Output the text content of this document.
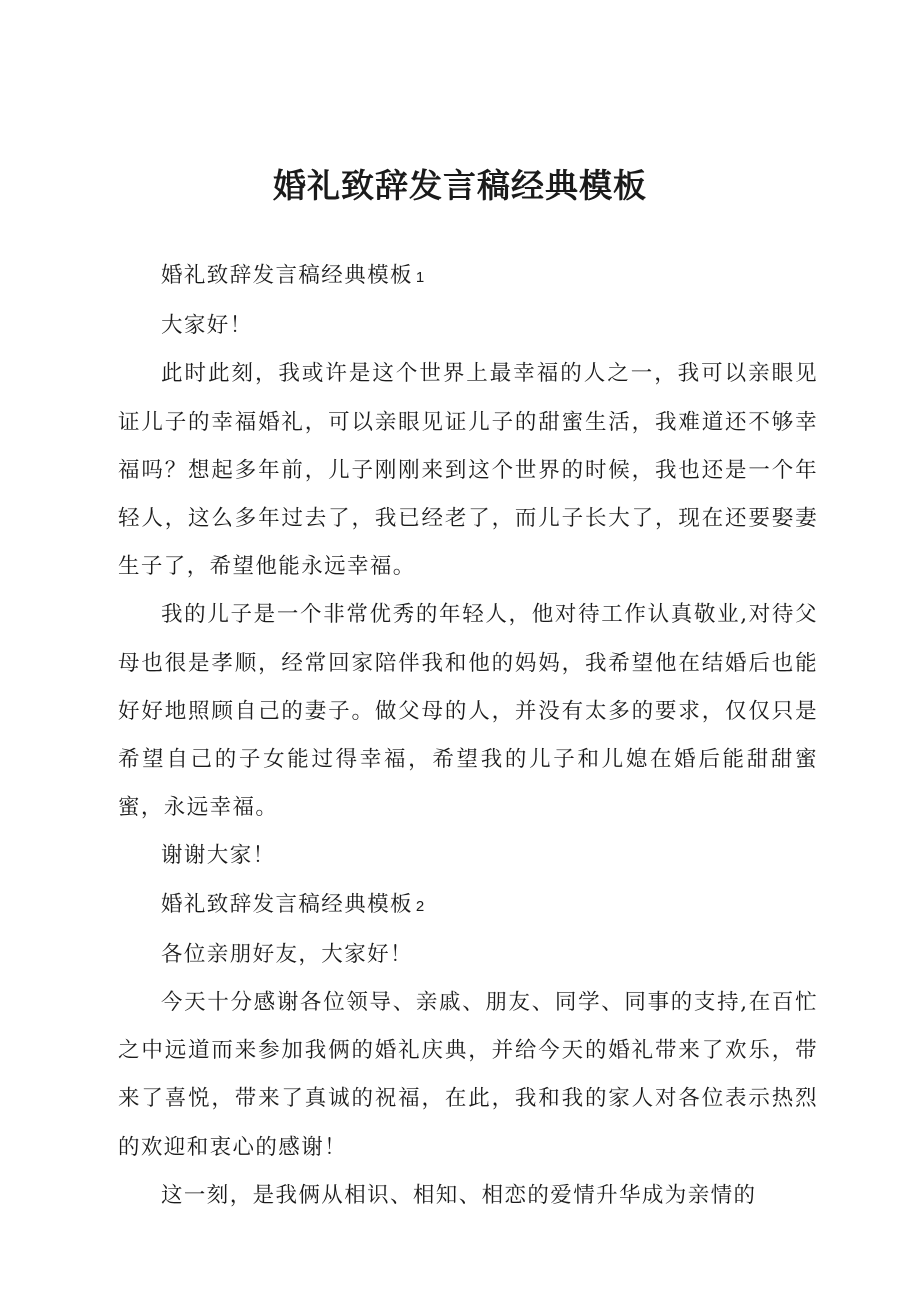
婚礼致辞发言稿经典模板

婚礼致辞发言稿经典模板 1

大家好！

此时此刻，我或许是这个世界上最幸福的人之一，我可以亲眼见证儿子的幸福婚礼，可以亲眼见证儿子的甜蜜生活，我难道还不够幸福吗？想起多年前，儿子刚刚来到这个世界的时候，我也还是一个年轻人，这么多年过去了，我已经老了，而儿子长大了，现在还要娶妻生子了，希望他能永远幸福。

我的儿子是一个非常优秀的年轻人，他对待工作认真敬业,对待父母也很是孝顺，经常回家陪伴我和他的妈妈，我希望他在结婚后也能好好地照顾自己的妻子。做父母的人，并没有太多的要求，仅仅只是希望自己的子女能过得幸福，希望我的儿子和儿媳在婚后能甜甜蜜蜜，永远幸福。

谢谢大家！

婚礼致辞发言稿经典模板 2

各位亲朋好友，大家好！

今天十分感谢各位领导、亲戚、朋友、同学、同事的支持,在百忙之中远道而来参加我俩的婚礼庆典，并给今天的婚礼带来了欢乐，带来了喜悦，带来了真诚的祝福，在此，我和我的家人对各位表示热烈的欢迎和衷心的感谢！

这一刻，是我俩从相识、相知、相恋的爱情升华成为亲情的
